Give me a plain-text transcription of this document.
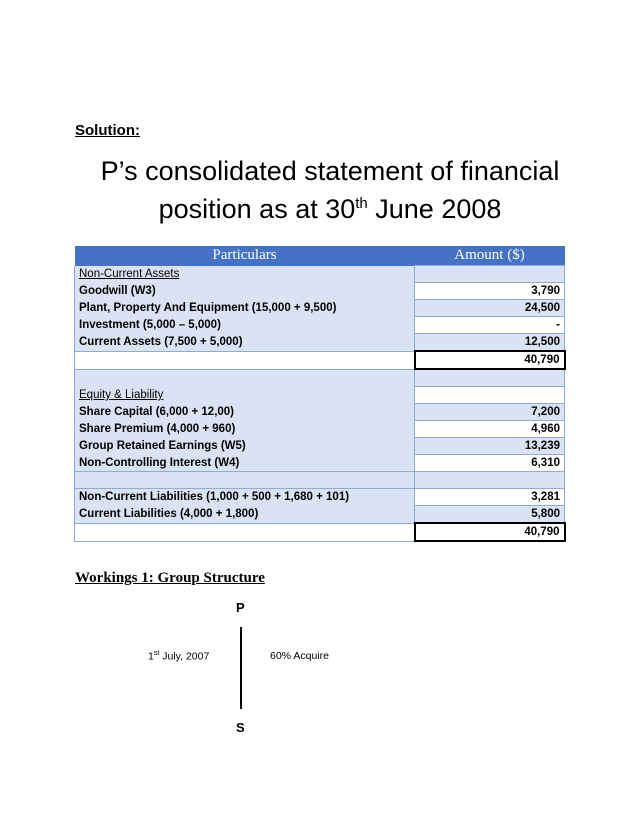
Solution:
P’s consolidated statement of financial
position as at 30th June 2008
Particulars	Amount ($)
Non-Current Assets	
Goodwill (W3)	3,790
Plant, Property And Equipment (15,000 + 9,500)	24,500
Investment (5,000 – 5,000)	-
Current Assets (7,500 + 5,000)	12,500
	40,790

Equity & Liability	
Share Capital (6,000 + 12,00)	7,200
Share Premium (4,000 + 960)	4,960
Group Retained Earnings (W5)	13,239
Non-Controlling Interest (W4)	6,310

Non-Current Liabilities (1,000 + 500 + 1,680 + 101)	3,281
Current Liabilities (4,000 + 1,800)	5,800
	40,790
Workings 1: Group Structure
P
S
1st July, 2007	60% Acquire
